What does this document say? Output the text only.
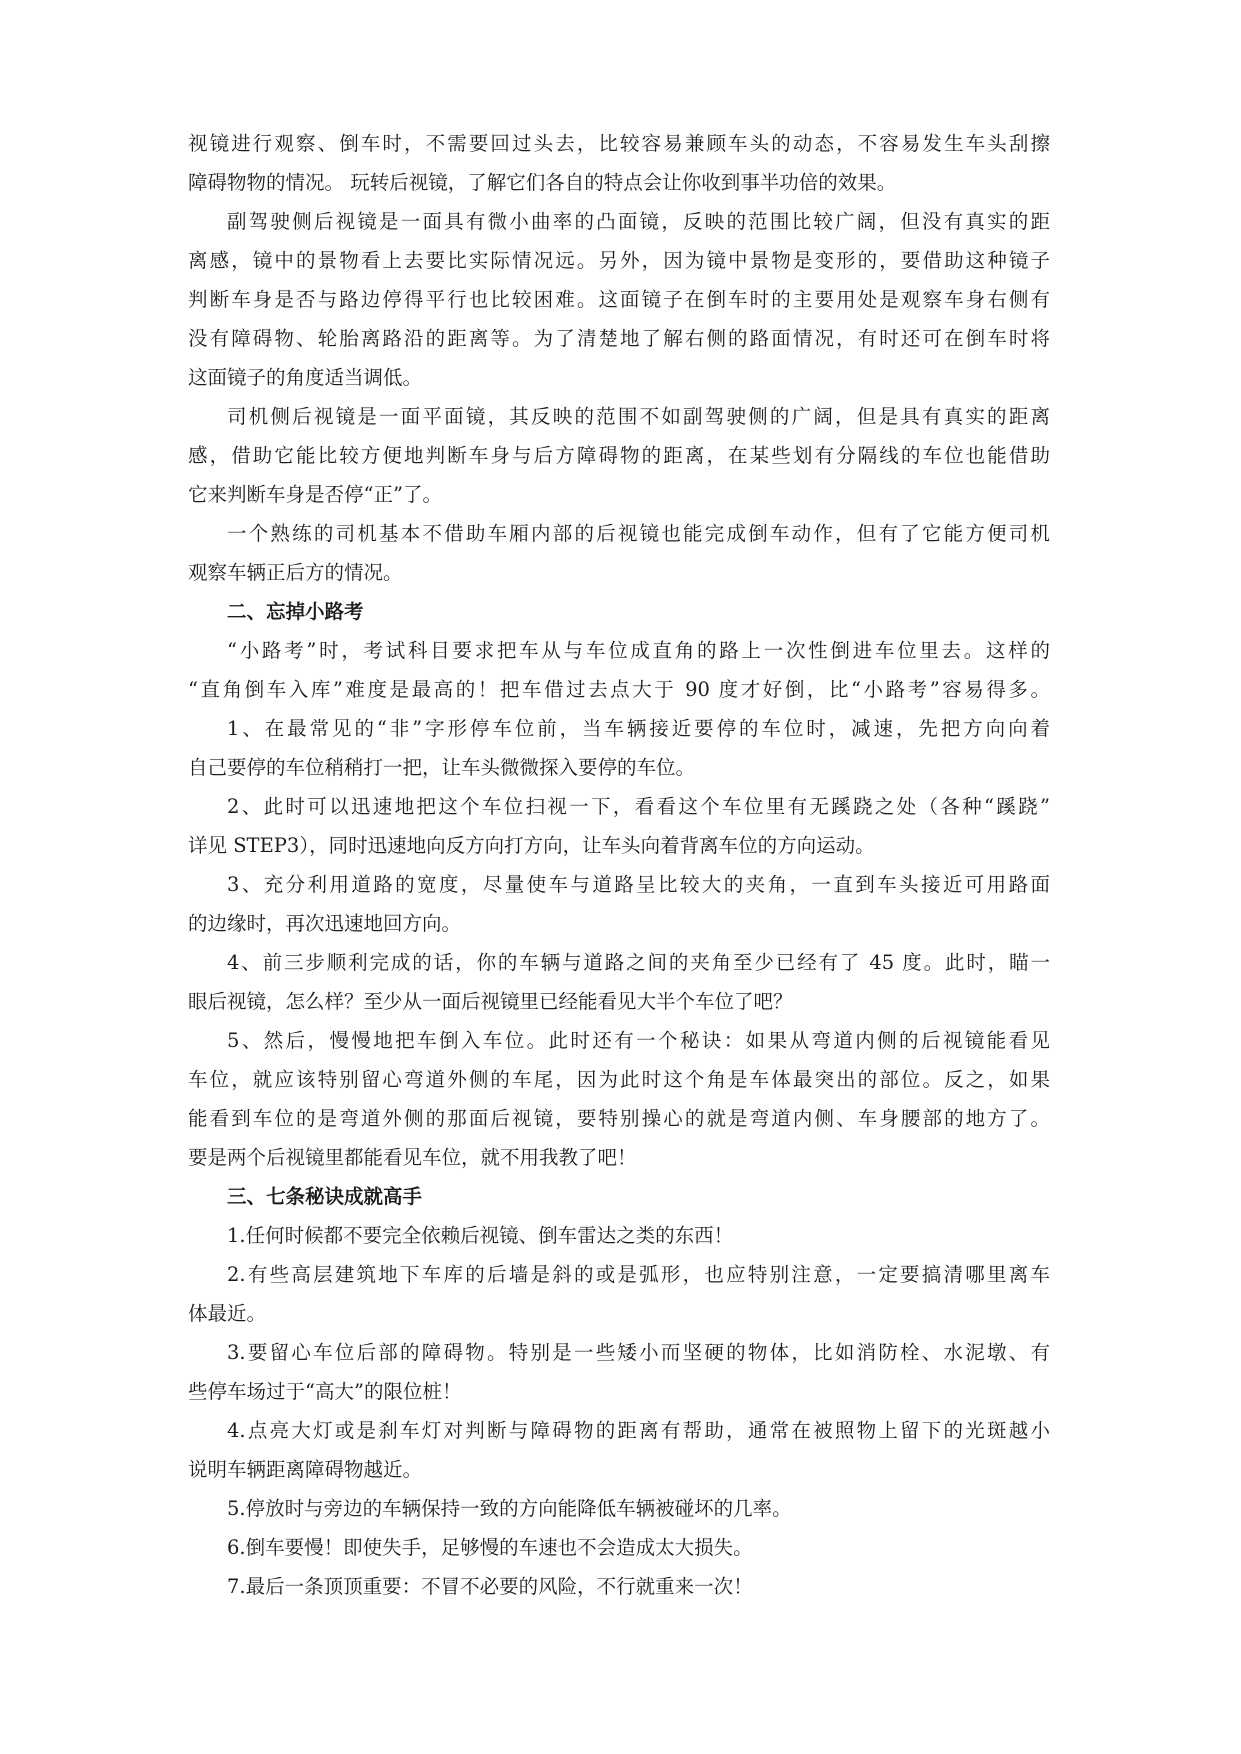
视镜进行观察、倒车时，不需要回过头去，比较容易兼顾车头的动态，不容易发生车头刮擦
障碍物物的情况。 玩转后视镜，了解它们各自的特点会让你收到事半功倍的效果。
副驾驶侧后视镜是一面具有微小曲率的凸面镜，反映的范围比较广阔，但没有真实的距
离感，镜中的景物看上去要比实际情况远。另外，因为镜中景物是变形的，要借助这种镜子
判断车身是否与路边停得平行也比较困难。这面镜子在倒车时的主要用处是观察车身右侧有
没有障碍物、轮胎离路沿的距离等。为了清楚地了解右侧的路面情况，有时还可在倒车时将
这面镜子的角度适当调低。
司机侧后视镜是一面平面镜，其反映的范围不如副驾驶侧的广阔，但是具有真实的距离
感，借助它能比较方便地判断车身与后方障碍物的距离，在某些划有分隔线的车位也能借助
它来判断车身是否停“正”了。
一个熟练的司机基本不借助车厢内部的后视镜也能完成倒车动作，但有了它能方便司机
观察车辆正后方的情况。
二、忘掉小路考
“小路考”时，考试科目要求把车从与车位成直角的路上一次性倒进车位里去。这样的
“直角倒车入库”难度是最高的！把车借过去点大于 90 度才好倒，比“小路考”容易得多。
1、在最常见的“非”字形停车位前，当车辆接近要停的车位时，减速，先把方向向着
自己要停的车位稍稍打一把，让车头微微探入要停的车位。
2、此时可以迅速地把这个车位扫视一下，看看这个车位里有无蹊跷之处（各种“蹊跷”
详见 STEP3），同时迅速地向反方向打方向，让车头向着背离车位的方向运动。
3、充分利用道路的宽度，尽量使车与道路呈比较大的夹角，一直到车头接近可用路面
的边缘时，再次迅速地回方向。
4、前三步顺利完成的话，你的车辆与道路之间的夹角至少已经有了 45 度。此时，瞄一
眼后视镜，怎么样？至少从一面后视镜里已经能看见大半个车位了吧？
5、然后，慢慢地把车倒入车位。此时还有一个秘诀：如果从弯道内侧的后视镜能看见
车位，就应该特别留心弯道外侧的车尾，因为此时这个角是车体最突出的部位。反之，如果
能看到车位的是弯道外侧的那面后视镜，要特别操心的就是弯道内侧、车身腰部的地方了。
要是两个后视镜里都能看见车位，就不用我教了吧！
三、七条秘诀成就高手
1.任何时候都不要完全依赖后视镜、倒车雷达之类的东西！
2.有些高层建筑地下车库的后墙是斜的或是弧形，也应特别注意，一定要搞清哪里离车
体最近。
3.要留心车位后部的障碍物。特别是一些矮小而坚硬的物体，比如消防栓、水泥墩、有
些停车场过于“高大”的限位桩！
4.点亮大灯或是刹车灯对判断与障碍物的距离有帮助，通常在被照物上留下的光斑越小
说明车辆距离障碍物越近。
5.停放时与旁边的车辆保持一致的方向能降低车辆被碰坏的几率。
6.倒车要慢！即使失手，足够慢的车速也不会造成太大损失。
7.最后一条顶顶重要：不冒不必要的风险，不行就重来一次！
